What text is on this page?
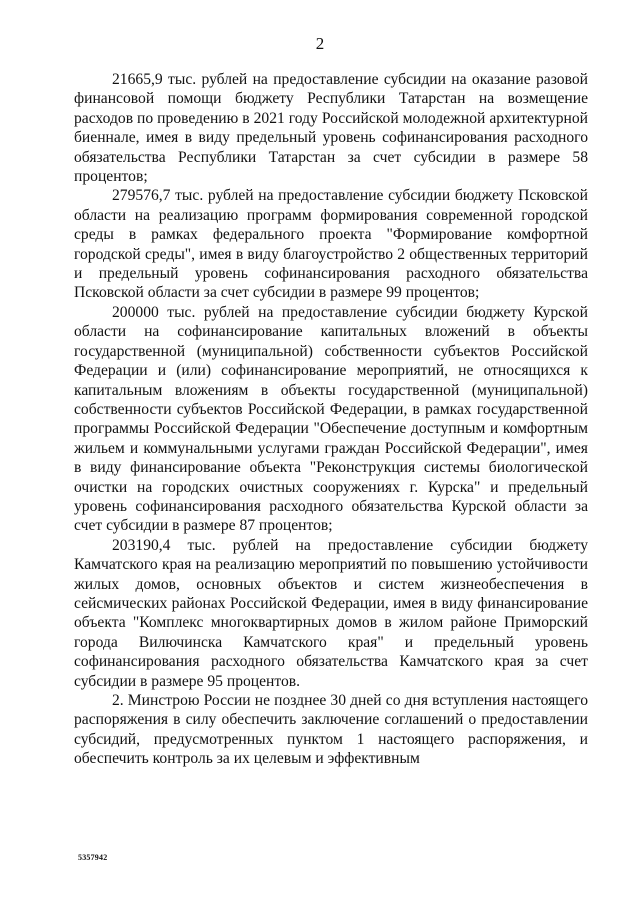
2

21665,9 тыс. рублей на предоставление субсидии на оказание разовой финансовой помощи бюджету Республики Татарстан на возмещение расходов по проведению в 2021 году Российской молодежной архитектурной биеннале, имея в виду предельный уровень софинансирования расходного обязательства Республики Татарстан за счет субсидии в размере 58 процентов;

279576,7 тыс. рублей на предоставление субсидии бюджету Псковской области на реализацию программ формирования современной городской среды в рамках федерального проекта "Формирование комфортной городской среды", имея в виду благоустройство 2 общественных территорий и предельный уровень софинансирования расходного обязательства Псковской области за счет субсидии в размере 99 процентов;

200000 тыс. рублей на предоставление субсидии бюджету Курской области на софинансирование капитальных вложений в объекты государственной (муниципальной) собственности субъектов Российской Федерации и (или) софинансирование мероприятий, не относящихся к капитальным вложениям в объекты государственной (муниципальной) собственности субъектов Российской Федерации, в рамках государственной программы Российской Федерации "Обеспечение доступным и комфортным жильем и коммунальными услугами граждан Российской Федерации", имея в виду финансирование объекта "Реконструкция системы биологической очистки на городских очистных сооружениях г. Курска" и предельный уровень софинансирования расходного обязательства Курской области за счет субсидии в размере 87 процентов;

203190,4 тыс. рублей на предоставление субсидии бюджету Камчатского края на реализацию мероприятий по повышению устойчивости жилых домов, основных объектов и систем жизнеобеспечения в сейсмических районах Российской Федерации, имея в виду финансирование объекта "Комплекс многоквартирных домов в жилом районе Приморский города Вилючинска Камчатского края" и предельный уровень софинансирования расходного обязательства Камчатского края за счет субсидии в размере 95 процентов.

2. Минстрою России не позднее 30 дней со дня вступления настоящего распоряжения в силу обеспечить заключение соглашений о предоставлении субсидий, предусмотренных пунктом 1 настоящего распоряжения, и обеспечить контроль за их целевым и эффективным

5357942
